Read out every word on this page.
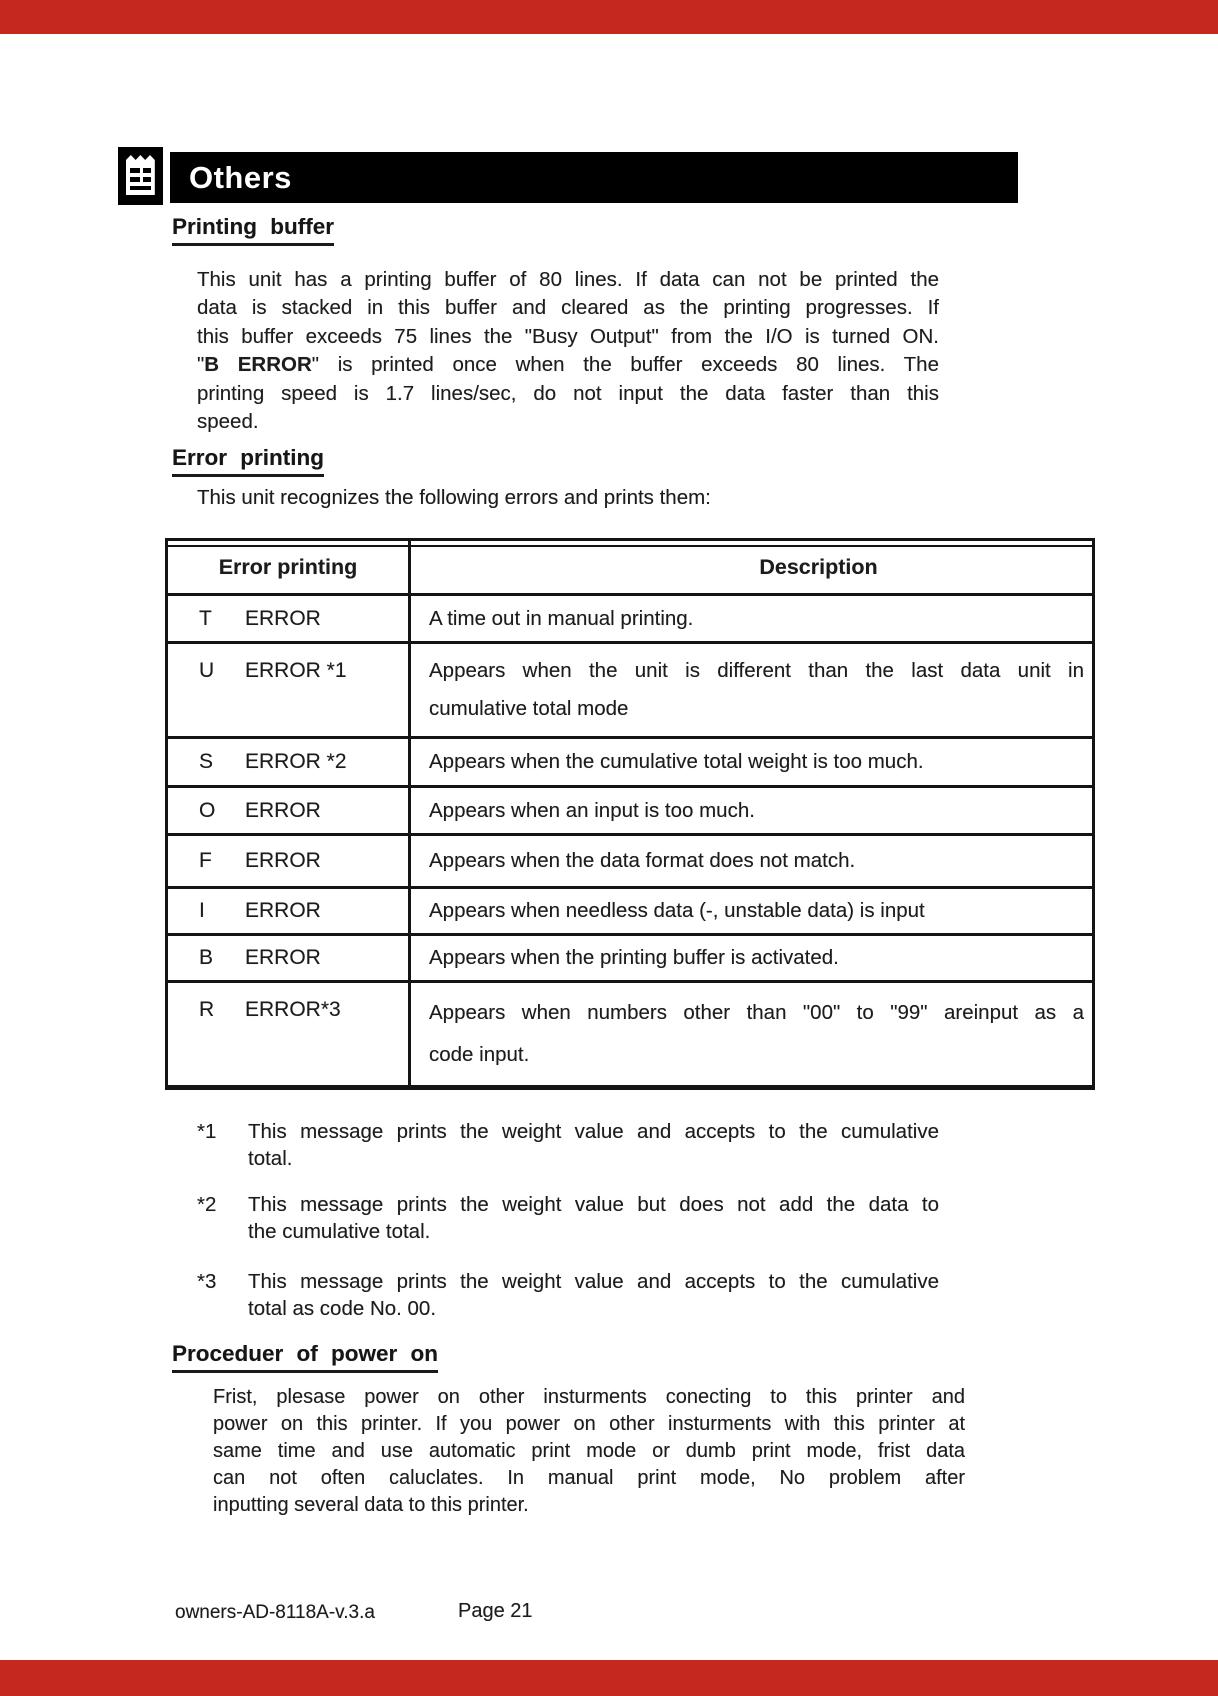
Others
Printing buffer
This unit has a printing buffer of 80 lines. If data can not be printed the
data is stacked in this buffer and cleared as the printing progresses. If
this buffer exceeds 75 lines the "Busy Output" from the I/O is turned ON.
"B ERROR" is printed once when the buffer exceeds 80 lines. The
printing speed is 1.7 lines/sec, do not input the data faster than this
speed.
Error printing
This unit recognizes the following errors and prints them:
Error printing	Description
T	ERROR	A time out in manual printing.
U	ERROR *1	Appears when the unit is different than the last data unit in
cumulative total mode
S	ERROR *2	Appears when the cumulative total weight is too much.
O	ERROR	Appears when an input is too much.
F	ERROR	Appears when the data format does not match.
I	ERROR	Appears when needless data (-, unstable data) is input
B	ERROR	Appears when the printing buffer is activated.
R	ERROR*3	Appears when numbers other than "00" to "99" areinput as a
code input.
*1	This message prints the weight value and accepts to the cumulative
total.
*2	This message prints the weight value but does not add the data to
the cumulative total.
*3	This message prints the weight value and accepts to the cumulative
total as code No. 00.
Proceduer of power on
Frist, plesase power on other insturments conecting to this printer and
power on this printer. If you power on other insturments with this printer at
same time and use automatic print mode or dumb print mode, frist data
can not often caluclates. In manual print mode, No problem after
inputting several data to this printer.
owners-AD-8118A-v.3.a	Page 21
